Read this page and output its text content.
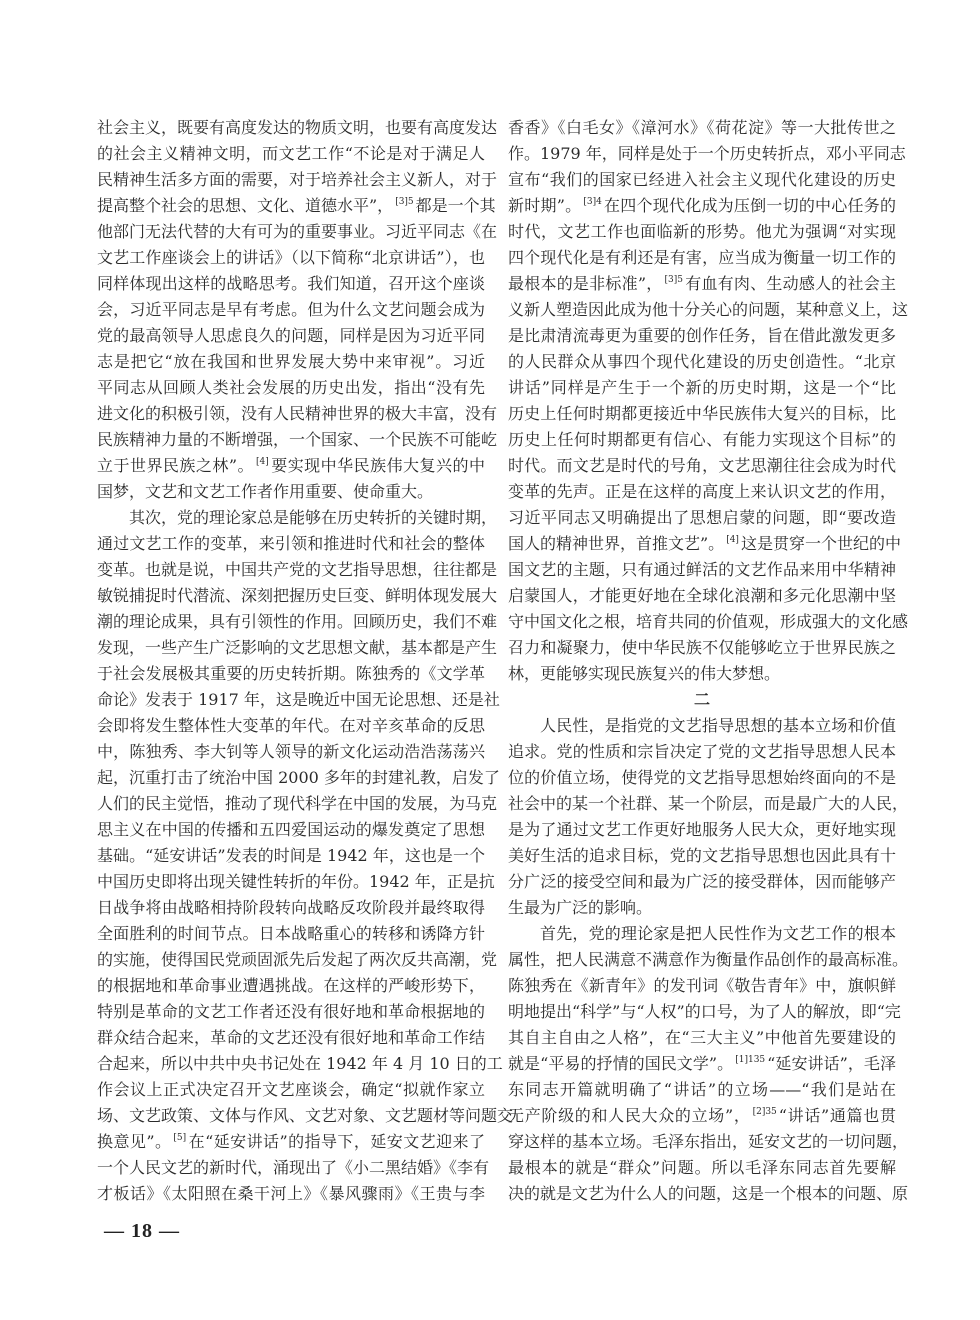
社会主义，既要有高度发达的物质文明，也要有高度发达
的社会主义精神文明，而文艺工作“不论是对于满足人
民精神生活多方面的需要，对于培养社会主义新人，对于
提高整个社会的思想、文化、道德水平”， $^{[3]5}$ 都是一个其
他部门无法代替的大有可为的重要事业。习近平同志《在
文艺工作座谈会上的讲话》（以下简称“北京讲话”），也
同样体现出这样的战略思考。我们知道，召开这个座谈
会，习近平同志是早有考虑。但为什么文艺问题会成为
党的最高领导人思虑良久的问题，同样是因为习近平同
志是把它“放在我国和世界发展大势中来审视”。习近
平同志从回顾人类社会发展的历史出发，指出“没有先
进文化的积极引领，没有人民精神世界的极大丰富，没有
民族精神力量的不断增强，一个国家、一个民族不可能屹
立于世界民族之林”。 [4] 要实现中华民族伟大复兴的中
国梦，文艺和文艺工作者作用重要、使命重大。
其次，党的理论家总是能够在历史转折的关键时期，
通过文艺工作的变革，来引领和推进时代和社会的整体
变革。也就是说，中国共产党的文艺指导思想，往往都是
敏锐捕捉时代潜流、深刻把握历史巨变、鲜明体现发展大
潮的理论成果，具有引领性的作用。回顾历史，我们不难
发现，一些产生广泛影响的文艺思想文献，基本都是产生
于社会发展极其重要的历史转折期。陈独秀的《文学革
命论》发表于 1917 年，这是晚近中国无论思想、还是社
会即将发生整体性大变革的年代。在对辛亥革命的反思
中，陈独秀、李大钊等人领导的新文化运动浩浩荡荡兴
起，沉重打击了统治中国 2000 多年的封建礼教，启发了
人们的民主觉悟，推动了现代科学在中国的发展，为马克
思主义在中国的传播和五四爱国运动的爆发奠定了思想
基础。“延安讲话”发表的时间是 1942 年，这也是一个
中国历史即将出现关键性转折的年份。1942 年，正是抗
日战争将由战略相持阶段转向战略反攻阶段并最终取得
全面胜利的时间节点。日本战略重心的转移和诱降方针
的实施，使得国民党顽固派先后发起了两次反共高潮，党
的根据地和革命事业遭遇挑战。在这样的严峻形势下，
特别是革命的文艺工作者还没有很好地和革命根据地的
群众结合起来，革命的文艺还没有很好地和革命工作结
合起来，所以中共中央书记处在 1942 年 4 月 10 日的工
作会议上正式决定召开文艺座谈会，确定“拟就作家立
场、文艺政策、文体与作风、文艺对象、文艺题材等问题交
换意见”。 [5] 在“延安讲话”的指导下，延安文艺迎来了
一个人民文艺的新时代，涌现出了《小二黑结婚》《李有
才板话》《太阳照在桑干河上》《暴风骤雨》《王贵与李
香香》《白毛女》《漳河水》《荷花淀》等一大批传世之
作。1979 年，同样是处于一个历史转折点，邓小平同志
宣布“我们的国家已经进入社会主义现代化建设的历史
新时期”。 $^{[3]4}$ 在四个现代化成为压倒一切的中心任务的
时代，文艺工作也面临新的形势。他尤为强调“对实现
四个现代化是有利还是有害，应当成为衡量一切工作的
最根本的是非标准”， $^{[3]5}$ 有血有肉、生动感人的社会主
义新人塑造因此成为他十分关心的问题，某种意义上，这
是比肃清流毒更为重要的创作任务，旨在借此激发更多
的人民群众从事四个现代化建设的历史创造性。“北京
讲话”同样是产生于一个新的历史时期，这是一个“比
历史上任何时期都更接近中华民族伟大复兴的目标，比
历史上任何时期都更有信心、有能力实现这个目标”的
时代。而文艺是时代的号角，文艺思潮往往会成为时代
变革的先声。正是在这样的高度上来认识文艺的作用，
习近平同志又明确提出了思想启蒙的问题，即“要改造
国人的精神世界，首推文艺”。 [4] 这是贯穿一个世纪的中
国文艺的主题，只有通过鲜活的文艺作品来用中华精神
启蒙国人，才能更好地在全球化浪潮和多元化思潮中坚
守中国文化之根，培育共同的价值观，形成强大的文化感
召力和凝聚力，使中华民族不仅能够屹立于世界民族之
林，更能够实现民族复兴的伟大梦想。
二
人民性，是指党的文艺指导思想的基本立场和价值
追求。党的性质和宗旨决定了党的文艺指导思想人民本
位的价值立场，使得党的文艺指导思想始终面向的不是
社会中的某一个社群、某一个阶层，而是最广大的人民，
是为了通过文艺工作更好地服务人民大众，更好地实现
美好生活的追求目标，党的文艺指导思想也因此具有十
分广泛的接受空间和最为广泛的接受群体，因而能够产
生最为广泛的影响。
首先，党的理论家是把人民性作为文艺工作的根本
属性，把人民满意不满意作为衡量作品创作的最高标准。
陈独秀在《新青年》的发刊词《敬告青年》中，旗帜鲜
明地提出“科学”与“人权”的口号，为了人的解放，即“完
其自主自由之人格”，在“三大主义”中他首先要建设的
就是“平易的抒情的国民文学”。 $^{[1]135}$ “延安讲话”，毛泽
东同志开篇就明确了“讲话”的立场——“我们是站在
无产阶级的和人民大众的立场”， $^{[2]35}$ “讲话”通篇也贯
穿这样的基本立场。毛泽东指出，延安文艺的一切问题，
最根本的就是“群众”问题。所以毛泽东同志首先要解
决的就是文艺为什么人的问题，这是一个根本的问题、原
— 18 —
